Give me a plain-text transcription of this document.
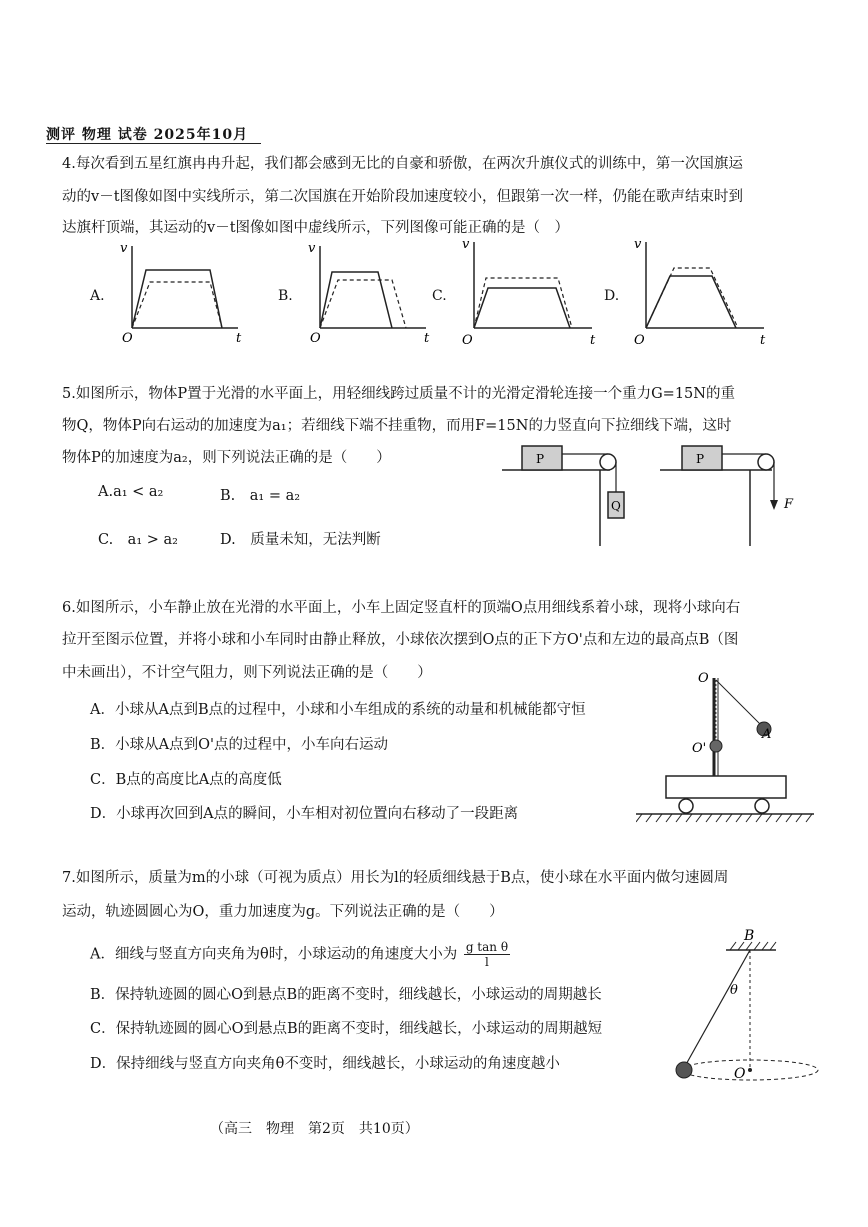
测评 物理 试卷 2025年10月
4.每次看到五星红旗冉冉升起，我们都会感到无比的自豪和骄傲，在两次升旗仪式的训练中，第一次国旗运
动的v－t图像如图中实线所示，第二次国旗在开始阶段加速度较小，但跟第一次一样，仍能在歌声结束时到
达旗杆顶端，其运动的v－t图像如图中虚线所示，下列图像可能正确的是（　）
A.	B.	C.	D.
v
O	t
v
O	t
v
O	t
v
O	t
5.如图所示，物体P置于光滑的水平面上，用轻细线跨过质量不计的光滑定滑轮连接一个重力G=15N的重
物Q，物体P向右运动的加速度为a₁；若细线下端不挂重物，而用F=15N的力竖直向下拉细线下端，这时
物体P的加速度为a₂，则下列说法正确的是（　　）
A.a₁ < a₂	B.　a₁ = a₂
C.　a₁ > a₂	D.　质量未知，无法判断
P
Q
P
F
6.如图所示，小车静止放在光滑的水平面上，小车上固定竖直杆的顶端O点用细线系着小球，现将小球向右
拉开至图示位置，并将小球和小车同时由静止释放，小球依次摆到O点的正下方O'点和左边的最高点B（图
中未画出），不计空气阻力，则下列说法正确的是（　　）
A．小球从A点到B点的过程中，小球和小车组成的系统的动量和机械能都守恒
B．小球从A点到O'点的过程中，小车向右运动
C．B点的高度比A点的高度低
D．小球再次回到A点的瞬间，小车相对初位置向右移动了一段距离
O
O'
A
7.如图所示，质量为m的小球（可视为质点）用长为l的轻质细线悬于B点，使小球在水平面内做匀速圆周
运动，轨迹圆圆心为O，重力加速度为g。下列说法正确的是（　　）
A．细线与竖直方向夹角为θ时，小球运动的角速度大小为 $\frac{\text{g tan θ}}{l}$
B．保持轨迹圆的圆心O到悬点B的距离不变时，细线越长，小球运动的周期越长
C．保持轨迹圆的圆心O到悬点B的距离不变时，细线越长，小球运动的周期越短
D．保持细线与竖直方向夹角θ不变时，细线越长，小球运动的角速度越小
B
θ
O
（高三　物理　第2页　共10页）
